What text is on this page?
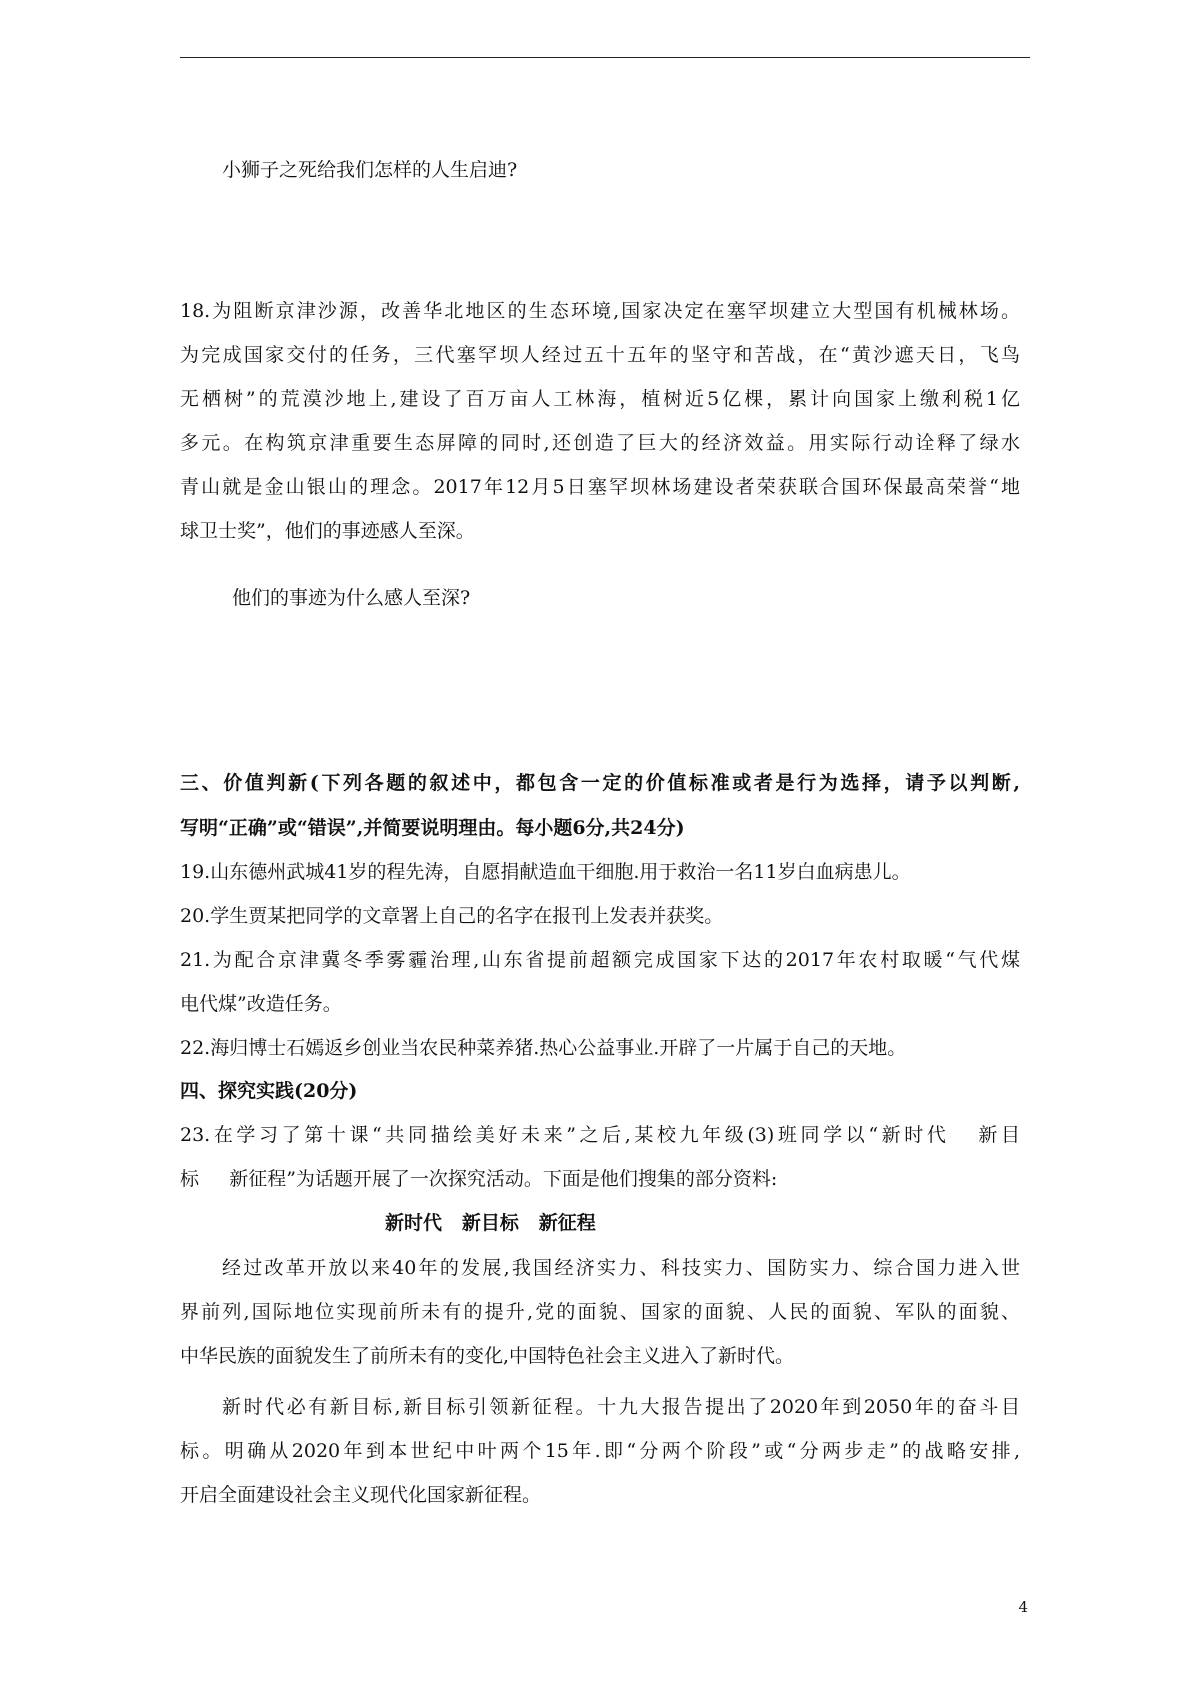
小狮子之死给我们怎样的人生启迪?
18.为阻断京津沙源，改善华北地区的生态环境,国家决定在塞罕坝建立大型国有机械林场。
为完成国家交付的任务，三代塞罕坝人经过五十五年的坚守和苦战，在“黄沙遮天日，飞鸟
无栖树”的荒漠沙地上,建设了百万亩人工林海，植树近5亿棵，累计向国家上缴利税1亿
多元。在构筑京津重要生态屏障的同时,还创造了巨大的经济效益。用实际行动诠释了绿水
青山就是金山银山的理念。2017年12月5日塞罕坝林场建设者荣获联合国环保最高荣誉“地
球卫士奖”，他们的事迹感人至深。
他们的事迹为什么感人至深?
三、价值判新(下列各题的叙述中，都包含一定的价值标准或者是行为选择，请予以判断,
写明“正确”或“错误”,并简要说明理由。每小题6分,共24分)
19.山东德州武城41岁的程先涛，自愿捐献造血干细胞.用于救治一名11岁白血病患儿。
20.学生贾某把同学的文章署上自己的名字在报刊上发表并获奖。
21.为配合京津冀冬季雾霾治理,山东省提前超额完成国家下达的2017年农村取暖“气代煤
电代煤”改造任务。
22.海归博士石嫣返乡创业当农民种菜养猪.热心公益事业.开辟了一片属于自己的天地。
四、探究实践(20分)
23.在学习了第十课“共同描绘美好未来”之后,某校九年级(3)班同学以“新时代   新目
标     新征程”为话题开展了一次探究活动。下面是他们搜集的部分资料:
新时代   新目标   新征程
经过改革开放以来40年的发展,我国经济实力、科技实力、国防实力、综合国力进入世
界前列,国际地位实现前所未有的提升,党的面貌、国家的面貌、人民的面貌、军队的面貌、
中华民族的面貌发生了前所未有的变化,中国特色社会主义进入了新时代。
新时代必有新目标,新目标引领新征程。十九大报告提出了2020年到2050年的奋斗目
标。明确从2020年到本世纪中叶两个15年.即“分两个阶段”或“分两步走”的战略安排,
开启全面建设社会主义现代化国家新征程。
4
